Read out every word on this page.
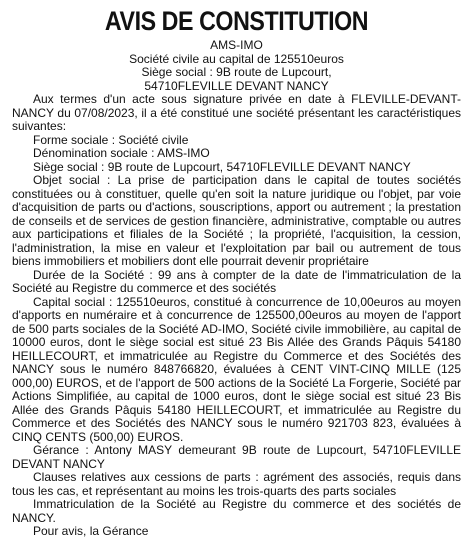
AVIS DE CONSTITUTION
AMS-IMO
Société civile au capital de 125510euros
Siège social : 9B route de Lupcourt,
54710FLEVILLE DEVANT NANCY

Aux termes d'un acte sous signature privée en date à FLEVILLE-DEVANT-NANCY du 07/08/2023, il a été constitué une société présentant les caractéristiques suivantes:

Forme sociale : Société civile

Dénomination sociale : AMS-IMO

Siège social : 9B route de Lupcourt, 54710FLEVILLE DEVANT NANCY

Objet social : La prise de participation dans le capital de toutes sociétés constituées ou à constituer, quelle qu'en soit la nature juridique ou l'objet, par voie d'acquisition de parts ou d'actions, souscriptions, apport ou autrement ; la prestation de conseils et de services de gestion financière, administrative, comptable ou autres aux participations et filiales de la Société ; la propriété, l'acquisition, la cession, l'administration, la mise en valeur et l'exploitation par bail ou autrement de tous biens immobiliers et mobiliers dont elle pourrait devenir propriétaire

Durée de la Société : 99 ans à compter de la date de l'immatriculation de la Société au Registre du commerce et des sociétés

Capital social : 125510euros, constitué à concurrence de 10,00euros au moyen d'apports en numéraire et à concurrence de 125500,00euros au moyen de l'apport de 500 parts sociales de la Société AD-IMO, Société civile immobilière, au capital de 10000 euros, dont le siège social est situé 23 Bis Allée des Grands Pâquis 54180 HEILLECOURT, et immatriculée au Registre du Commerce et des Sociétés des NANCY sous le numéro 848766820, évaluées à CENT VINT-CINQ MILLE (125 000,00) EUROS, et de l'apport de 500 actions de la Société La Forgerie, Société par Actions Simplifiée, au capital de 1000 euros, dont le siège social est situé 23 Bis Allée des Grands Pâquis 54180 HEILLECOURT, et immatriculée au Registre du Commerce et des Sociétés des NANCY sous le numéro 921703 823, évaluées à CINQ CENTS (500,00) EUROS.

Gérance : Antony MASY demeurant 9B route de Lupcourt, 54710FLEVILLE DEVANT NANCY

Clauses relatives aux cessions de parts : agrément des associés, requis dans tous les cas, et représentant au moins les trois-quarts des parts sociales

Immatriculation de la Société au Registre du commerce et des sociétés de NANCY.

Pour avis, la Gérance
